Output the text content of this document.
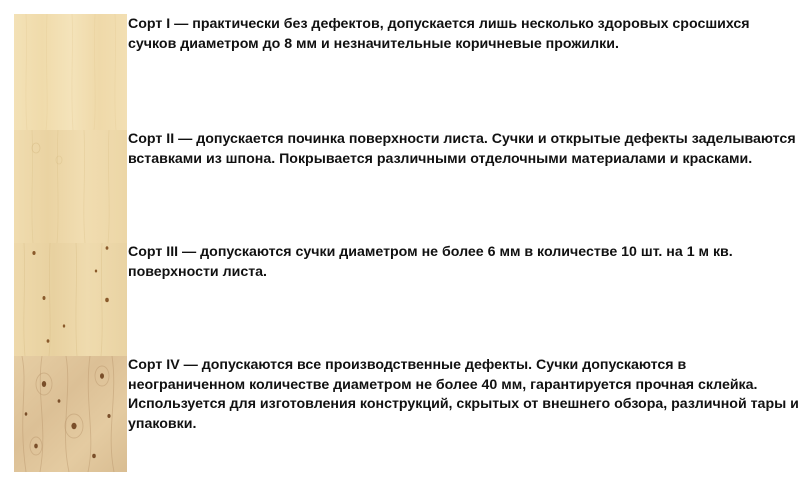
Сорт I — практически без дефектов, допускается лишь несколько здоровых сросшихся сучков диаметром до 8 мм и незначительные коричневые прожилки.

Сорт II — допускается починка поверхности листа. Сучки и открытые дефекты заделываются вставками из шпона. Покрывается различными отделочными материалами и красками.

Сорт III — допускаются сучки диаметром не более 6 мм в количестве 10 шт. на 1 м кв. поверхности листа.

Сорт IV — допускаются все производственные дефекты. Сучки допускаются в неограниченном количестве диаметром не более 40 мм, гарантируется прочная склейка. Используется для изготовления конструкций, скрытых от внешнего обзора, различной тары и упаковки.
